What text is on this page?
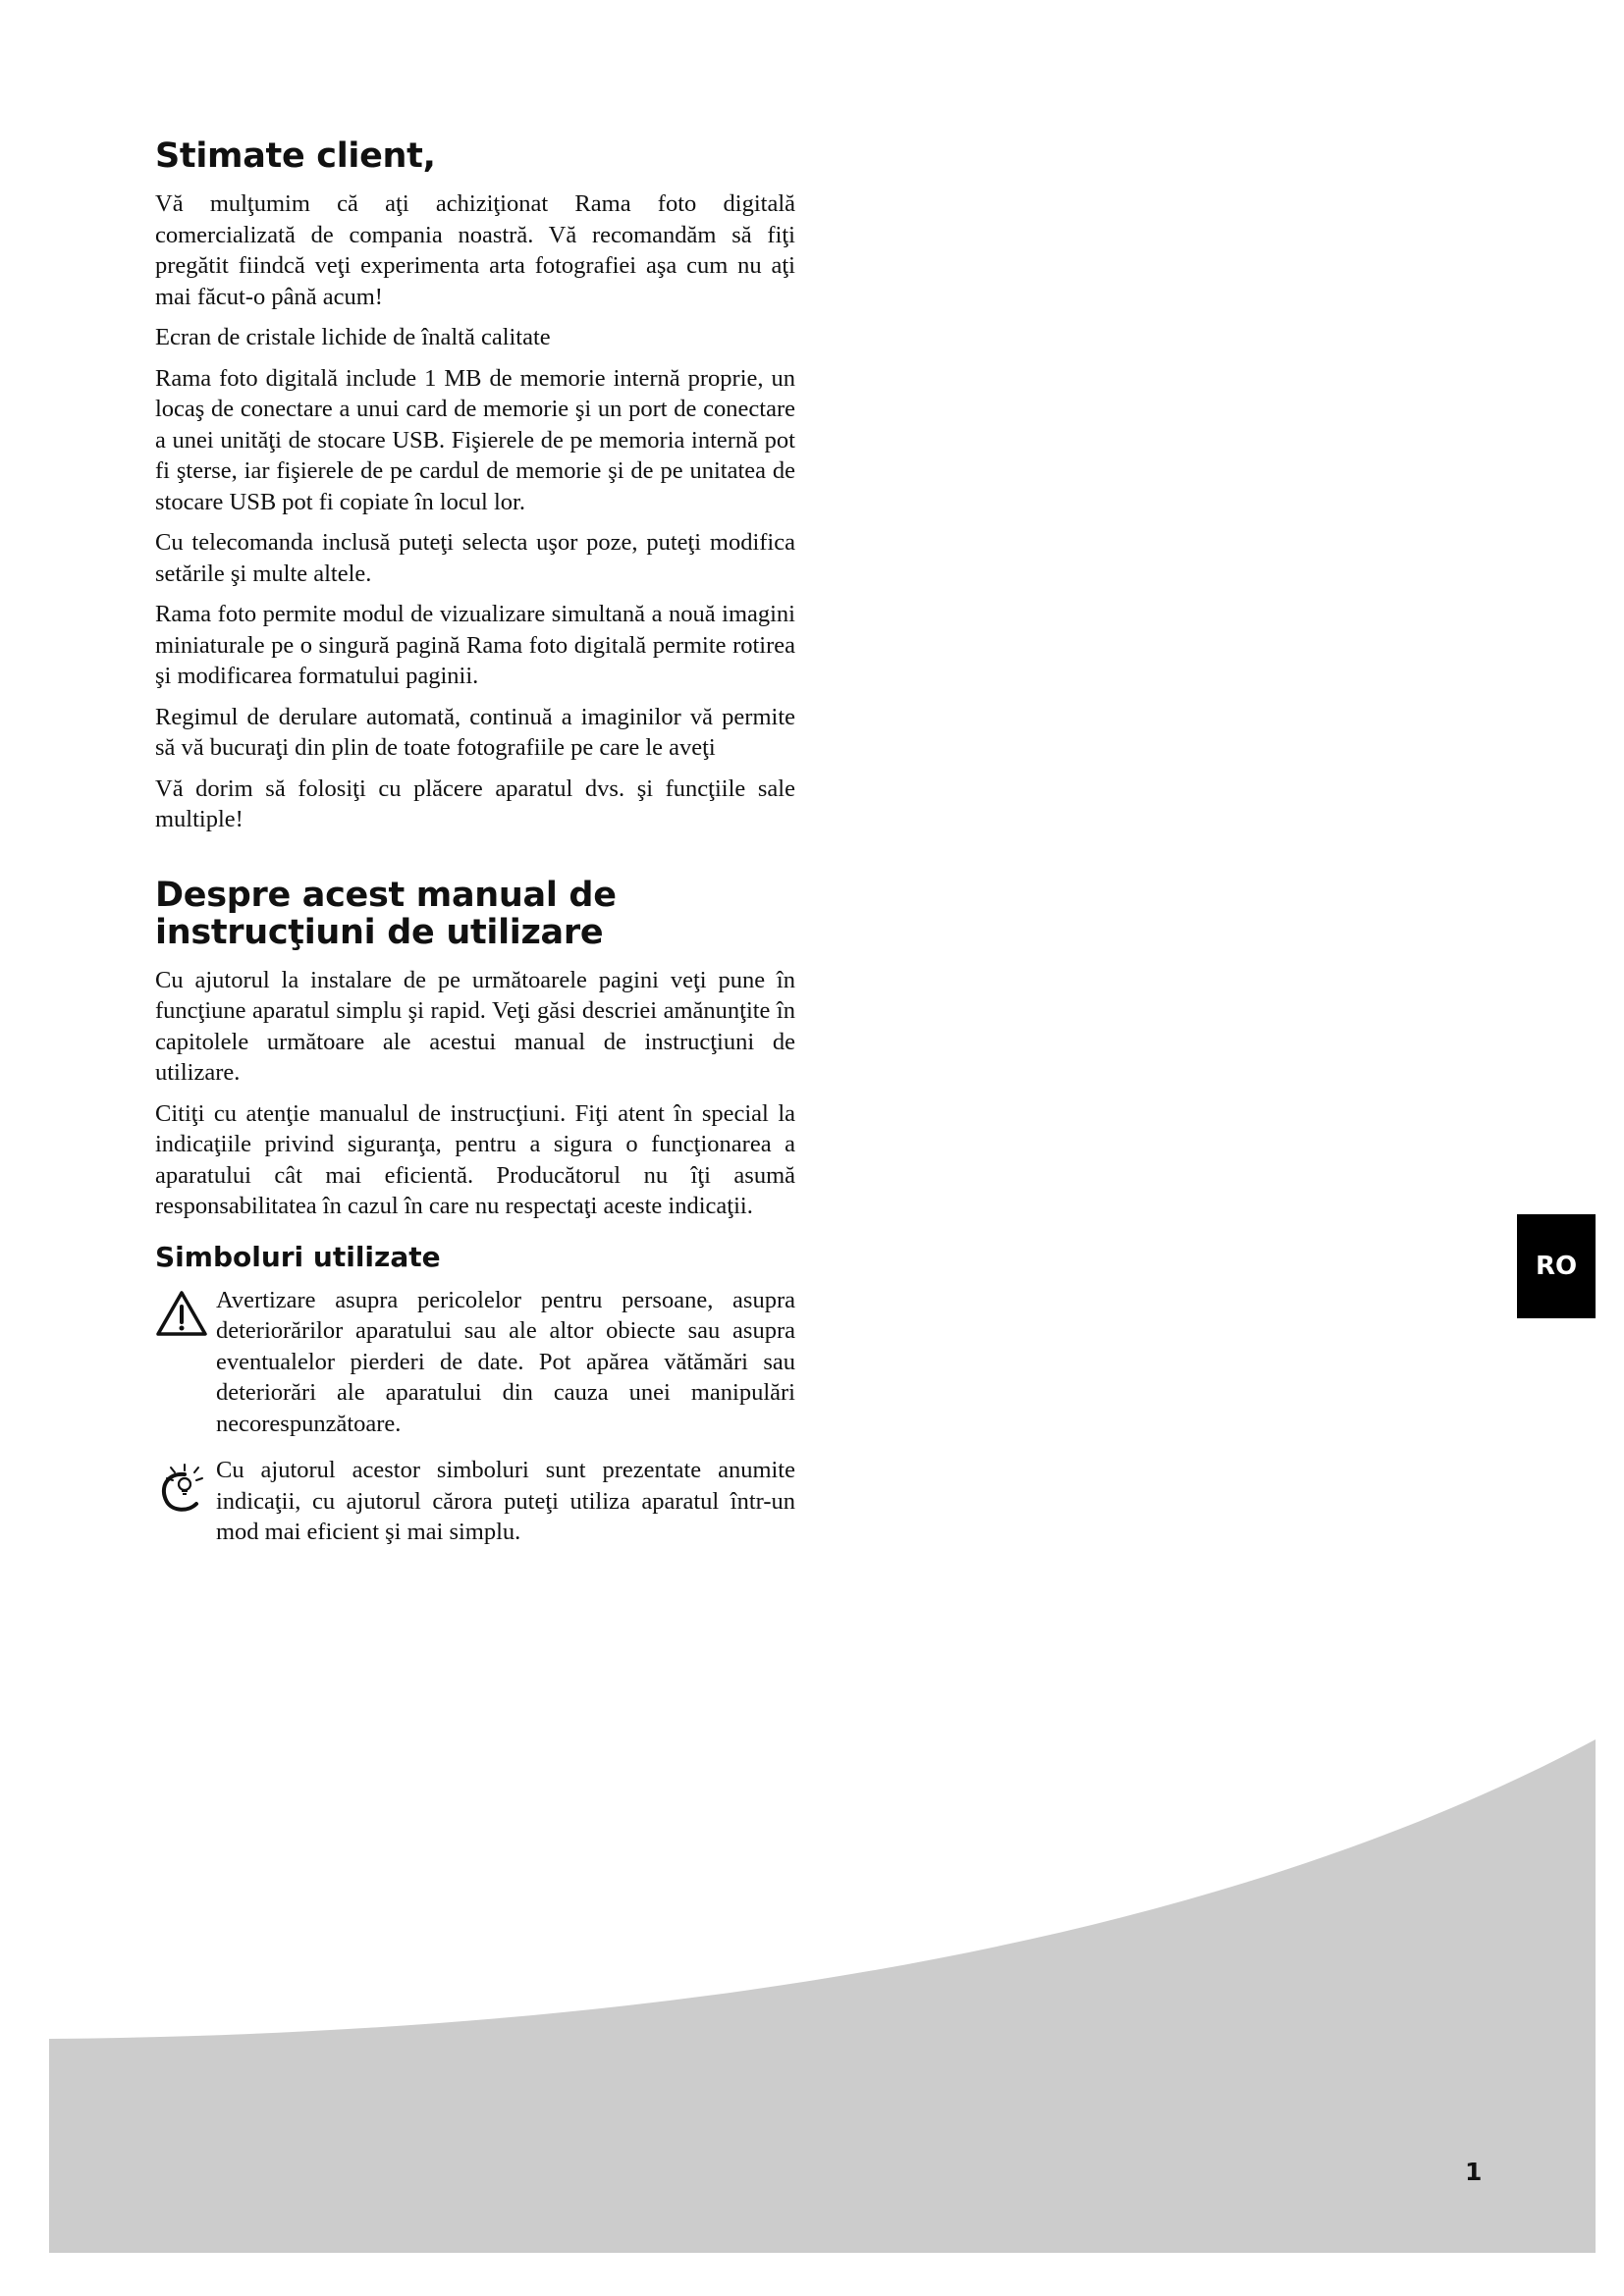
Stimate client,

Vă mulţumim că aţi achiziţionat Rama foto digitală comercializată de compania noastră. Vă recomandăm să fiţi pregătit fiindcă veţi experimenta arta fotografiei aşa cum nu aţi mai făcut-o până acum!

Ecran de cristale lichide de înaltă calitate

Rama foto digitală include 1 MB de memorie internă proprie, un locaş de conectare a unui card de memorie şi un port de conectare a unei unităţi de stocare USB. Fişierele de pe memoria internă pot fi şterse, iar fişierele de pe cardul de memorie şi de pe unitatea de stocare USB pot fi copiate în locul lor.

Cu telecomanda inclusă puteţi selecta uşor poze, puteţi modifica setările şi multe altele.

Rama foto permite modul de vizualizare simultană a nouă imagini miniaturale pe o singură pagină Rama foto digitală permite rotirea şi modificarea formatului paginii.

Regimul de derulare automată, continuă a imaginilor vă permite să vă bucuraţi din plin de toate fotografiile pe care le aveţi

Vă dorim să folosiţi cu plăcere aparatul dvs. şi funcţiile sale multiple!

Despre acest manual de
instrucţiuni de utilizare

Cu ajutorul la instalare de pe următoarele pagini veţi pune în funcţiune aparatul simplu şi rapid. Veţi găsi descriei amănunţite în capitolele următoare ale acestui manual de instrucţiuni de utilizare.

Citiţi cu atenţie manualul de instrucţiuni. Fiţi atent în special la indicaţiile privind siguranţa, pentru a sigura o funcţionarea a aparatului cât mai eficientă. Producătorul nu îţi asumă responsabilitatea în cazul în care nu respectaţi aceste indicaţii.

Simboluri utilizate

Avertizare asupra pericolelor pentru persoane, asupra deteriorărilor aparatului sau ale altor obiecte sau asupra eventualelor pierderi de date. Pot apărea vătămări sau deteriorări ale aparatului din cauza unei manipulări necorespunzătoare.

Cu ajutorul acestor simboluri sunt prezentate anumite indicaţii, cu ajutorul cărora puteţi utiliza aparatul într-un mod mai eficient şi mai simplu.

RO
1
